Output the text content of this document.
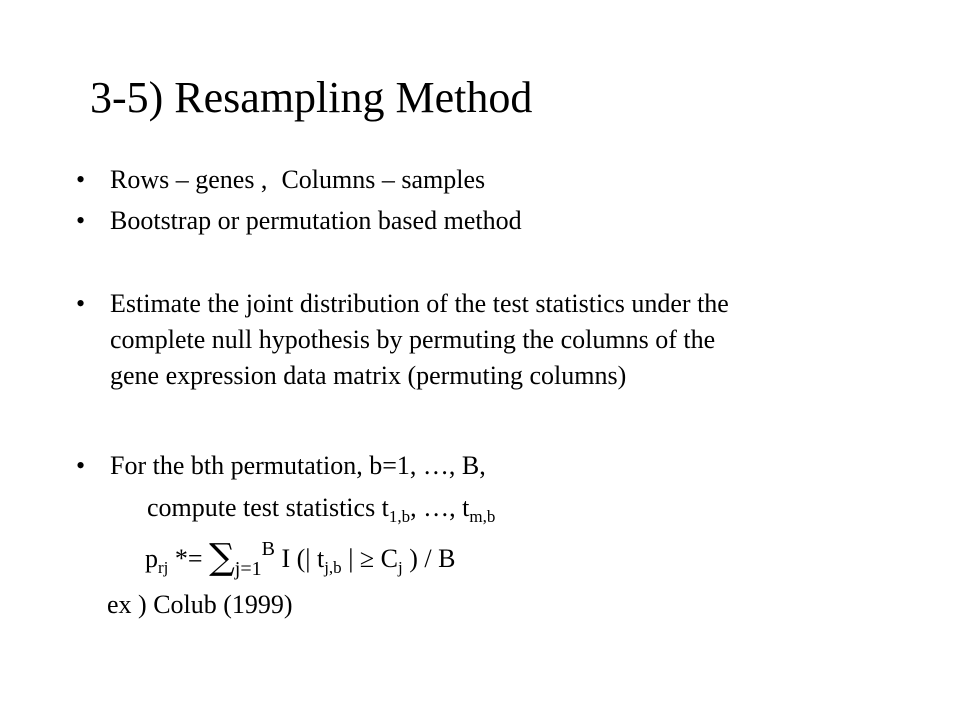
3-5) Resampling Method
• Rows – genes , Columns – samples
• Bootstrap or permutation based method
• Estimate the joint distribution of the test statistics under the
complete null hypothesis by permuting the columns of the
gene expression data matrix (permuting columns)
• For the bth permutation, b=1, …, B,
compute test statistics $t_{1,b}$, …, $t_{m,b}$
$p_{rj} *= \sum_{j=1}^B$ I (| $t_{j,b}$ | ≥ $C_j$ ) / B
ex ) Colub (1999)
